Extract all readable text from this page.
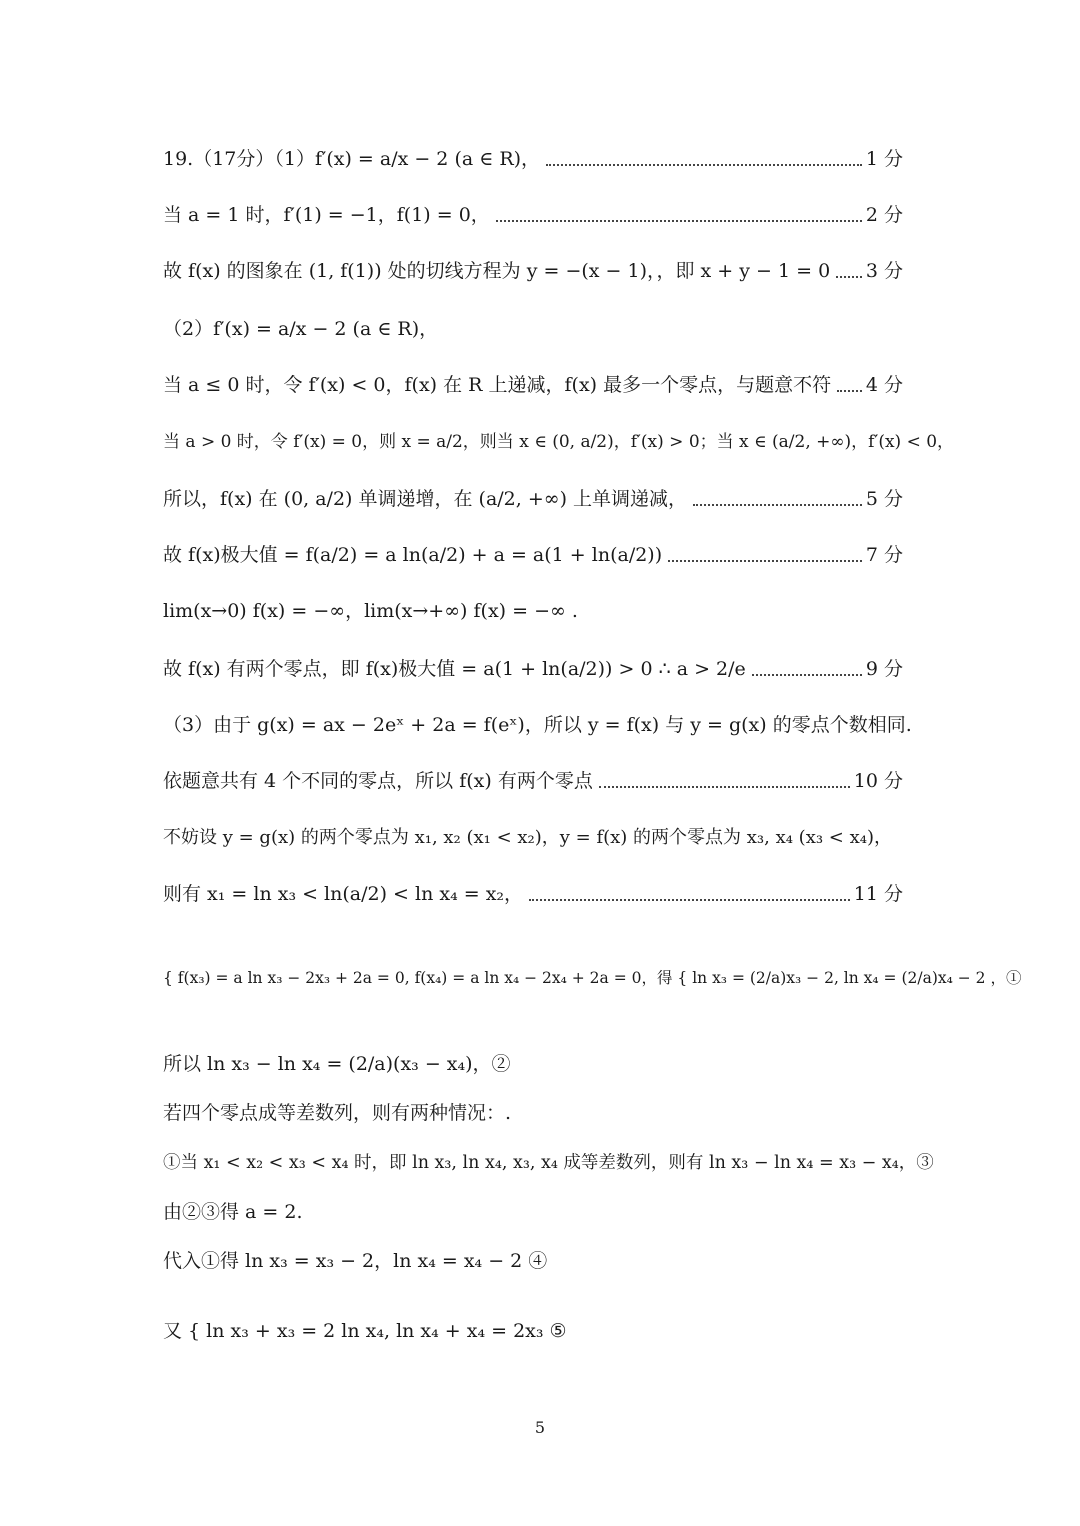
19.（17分）（1）f′(x) = a/x − 2 (a ∈ R)，	1 分
当 a = 1 时，f′(1) = −1，f(1) = 0，	2 分
故 f(x) 的图象在 (1, f(1)) 处的切线方程为 y = −(x − 1)，，即 x + y − 1 = 0 3 分
（2）f′(x) = a/x − 2 (a ∈ R)，
当 a ≤ 0 时，令 f′(x) < 0，f(x) 在 R 上递减，f(x) 最多一个零点，与题意不符 4 分
当 a > 0 时，令 f′(x) = 0，则 x = a/2，则当 x ∈ (0, a/2)，f′(x) > 0；当 x ∈ (a/2, +∞)，f′(x) < 0，
所以，f(x) 在 (0, a/2) 单调递增，在 (a/2, +∞) 上单调递减，	5 分
故 f(x)极大值 = f(a/2) = a ln(a/2) + a = a(1 + ln(a/2))	7 分
lim(x→0) f(x) = −∞，lim(x→+∞) f(x) = −∞ .
故 f(x) 有两个零点，即 f(x)极大值 = a(1 + ln(a/2)) > 0 ∴ a > 2/e	9 分
（3）由于 g(x) = ax − 2eˣ + 2a = f(eˣ)，所以 y = f(x) 与 y = g(x) 的零点个数相同.
依题意共有 4 个不同的零点，所以 f(x) 有两个零点	10 分
不妨设 y = g(x) 的两个零点为 x₁, x₂ (x₁ < x₂)，y = f(x) 的两个零点为 x₃, x₄ (x₃ < x₄)，
则有 x₁ = ln x₃ < ln(a/2) < ln x₄ = x₂，	11 分
{ f(x₃) = a ln x₃ − 2x₃ + 2a = 0, f(x₄) = a ln x₄ − 2x₄ + 2a = 0，得 { ln x₃ = (2/a)x₃ − 2, ln x₄ = (2/a)x₄ − 2 ，①
所以 ln x₃ − ln x₄ = (2/a)(x₃ − x₄)，②
若四个零点成等差数列，则有两种情况：.
①当 x₁ < x₂ < x₃ < x₄ 时，即 ln x₃, ln x₄, x₃, x₄ 成等差数列，则有 ln x₃ − ln x₄ = x₃ − x₄，③
由②③得 a = 2.
代入①得 ln x₃ = x₃ − 2，ln x₄ = x₄ − 2 ④
又 { ln x₃ + x₃ = 2 ln x₄, ln x₄ + x₄ = 2x₃ ⑤
5
